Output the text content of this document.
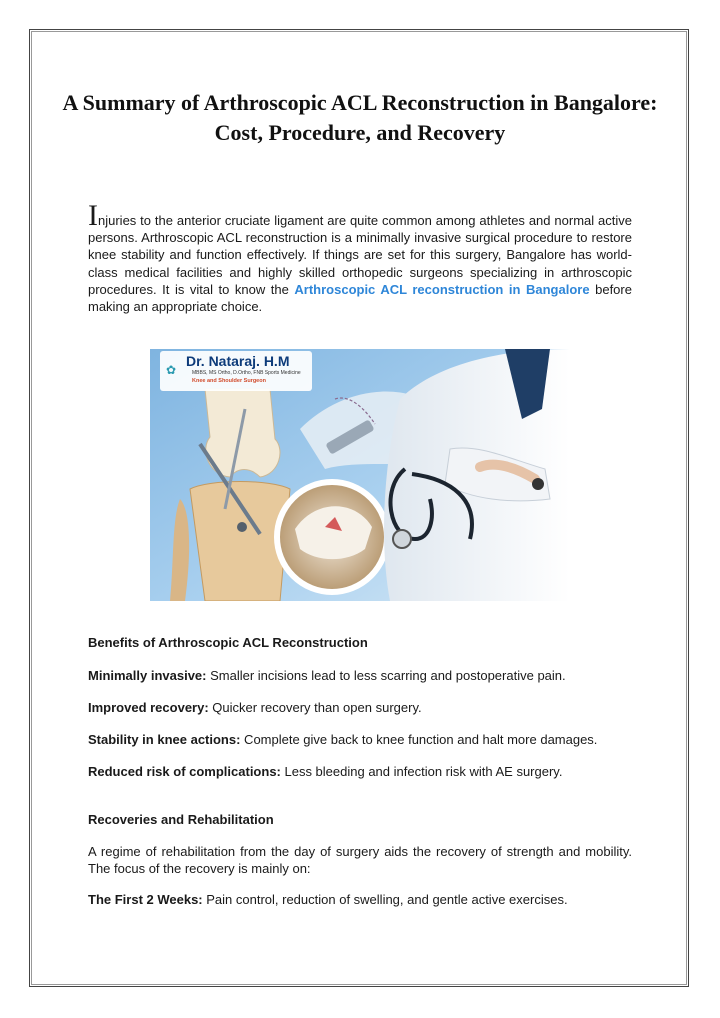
A Summary of Arthroscopic ACL Reconstruction in Bangalore: Cost, Procedure, and Recovery

Injuries to the anterior cruciate ligament are quite common among athletes and normal active persons. Arthroscopic ACL reconstruction is a minimally invasive surgical procedure to restore knee stability and function effectively. If things are set for this surgery, Bangalore has world-class medical facilities and highly skilled orthopedic surgeons specializing in arthroscopic procedures. It is vital to know the Arthroscopic ACL reconstruction in Bangalore before making an appropriate choice.

✿
Dr. Nataraj. H.M
MBBS, MS Ortho, D.Ortho, FNB Sports Medicine
Knee and Shoulder Surgeon
Benefits of Arthroscopic ACL Reconstruction

Minimally invasive: Smaller incisions lead to less scarring and postoperative pain.

Improved recovery: Quicker recovery than open surgery.

Stability in knee actions: Complete give back to knee function and halt more damages.

Reduced risk of complications: Less bleeding and infection risk with AE surgery.

Recoveries and Rehabilitation

A regime of rehabilitation from the day of surgery aids the recovery of strength and mobility. The focus of the recovery is mainly on:

The First 2 Weeks: Pain control, reduction of swelling, and gentle active exercises.
